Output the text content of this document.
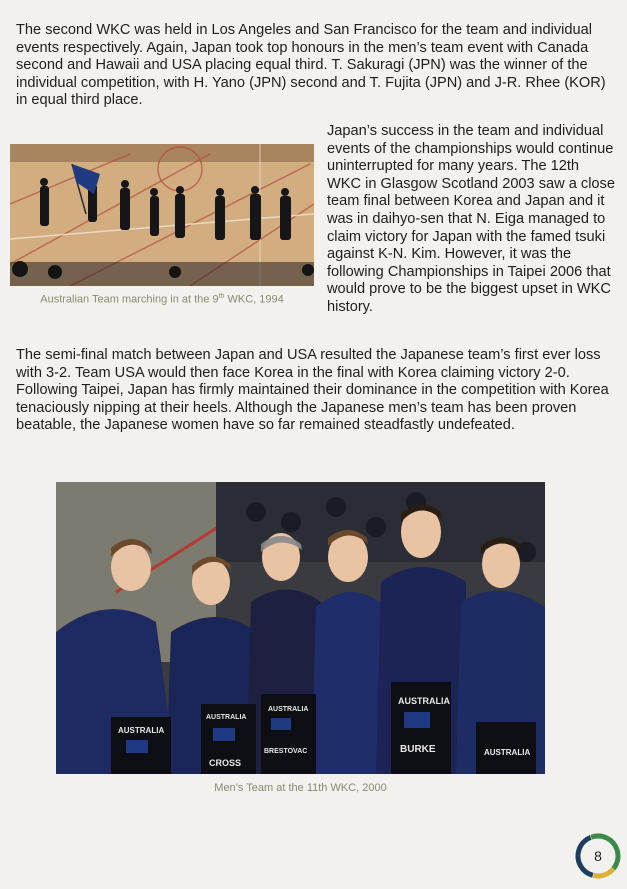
The second WKC was held in Los Angeles and San Francisco for the team and individual events respectively. Again, Japan took top honours in the men’s team event with Canada second and Hawaii and USA placing equal third. T. Sakuragi (JPN) was the winner of the individual competition, with H. Yano (JPN) second and T. Fujita (JPN) and J-R. Rhee (KOR) in equal third place.

Australian Team marching in at the 9th WKC, 1994

Japan’s success in the team and individual events of the championships would continue uninterrupted for many years. The 12th WKC in Glasgow Scotland 2003 saw a close team final between Korea and Japan and it was in daihyo-sen that N. Eiga managed to claim victory for Japan with the famed tsuki against K-N. Kim. However, it was the following Championships in Taipei 2006 that would prove to be the biggest upset in WKC history.

The semi-final match between Japan and USA resulted the Japanese team’s first ever loss with 3-2. Team USA would then face Korea in the final with Korea claiming victory 2-0. Following Taipei, Japan has firmly maintained their dominance in the competition with Korea tenaciously nipping at their heels. Although the Japanese men’s team has been proven beatable, the Japanese women have so far remained steadfastly undefeated.

AUSTRALIA
AUSTRALIA
CROSS
AUSTRALIA
BRESTOVAC
AUSTRALIA
BURKE	AUSTRALIA

Men’s Team at the 11th WKC, 2000

8
